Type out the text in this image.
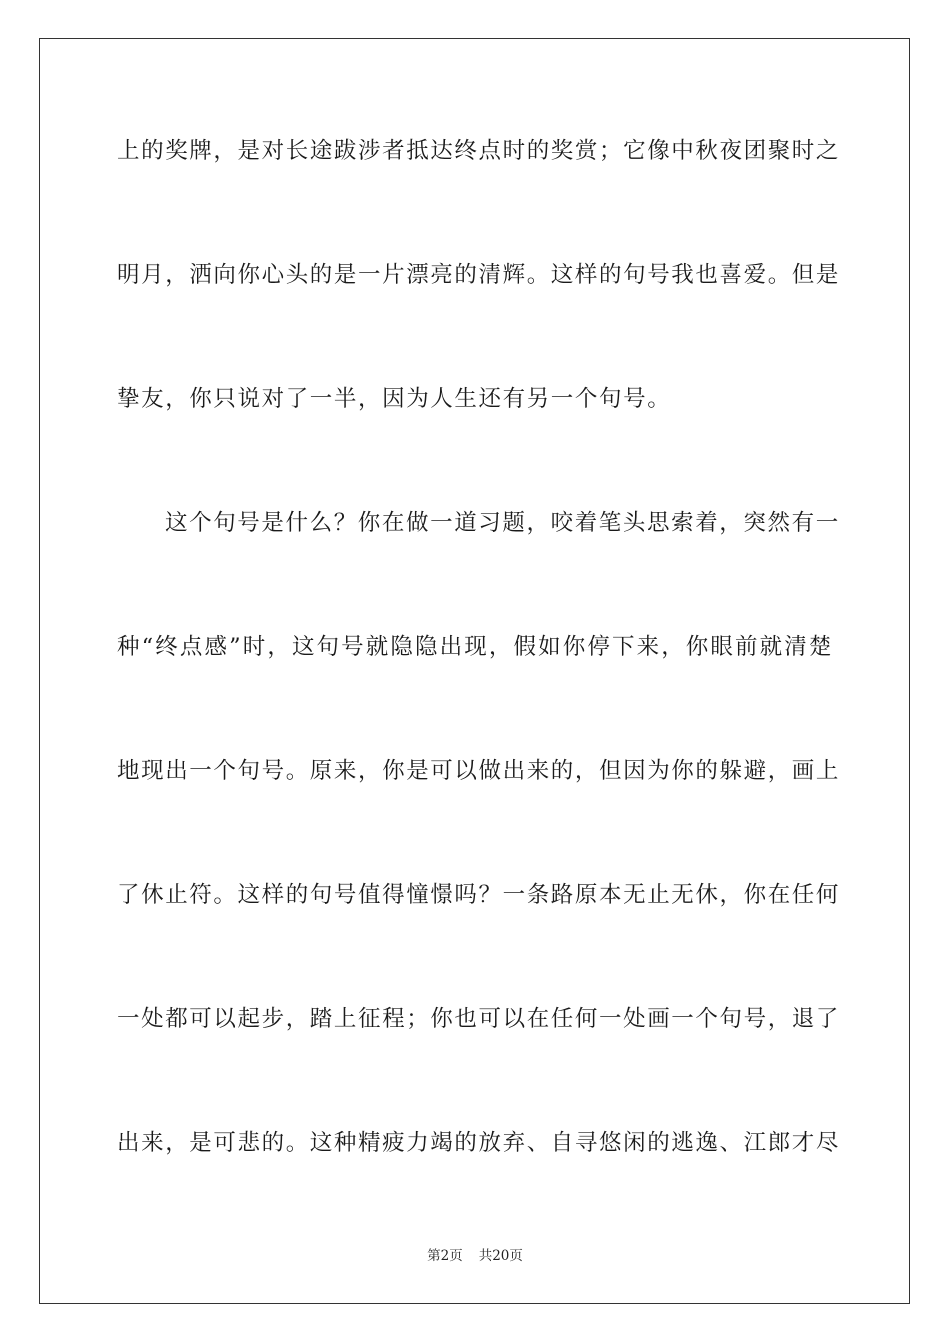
上的奖牌，是对长途跋涉者抵达终点时的奖赏；它像中秋夜团聚时之
明月，洒向你心头的是一片漂亮的清辉。这样的句号我也喜爱。但是
挚友，你只说对了一半，因为人生还有另一个句号。
这个句号是什么？你在做一道习题，咬着笔头思索着，突然有一
种“终点感”时，这句号就隐隐出现，假如你停下来，你眼前就清楚
地现出一个句号。原来，你是可以做出来的，但因为你的躲避，画上
了休止符。这样的句号值得憧憬吗？一条路原本无止无休，你在任何
一处都可以起步，踏上征程；你也可以在任何一处画一个句号，退了
出来，是可悲的。这种精疲力竭的放弃、自寻悠闲的逃逸、江郎才尽
第2页 共20页
